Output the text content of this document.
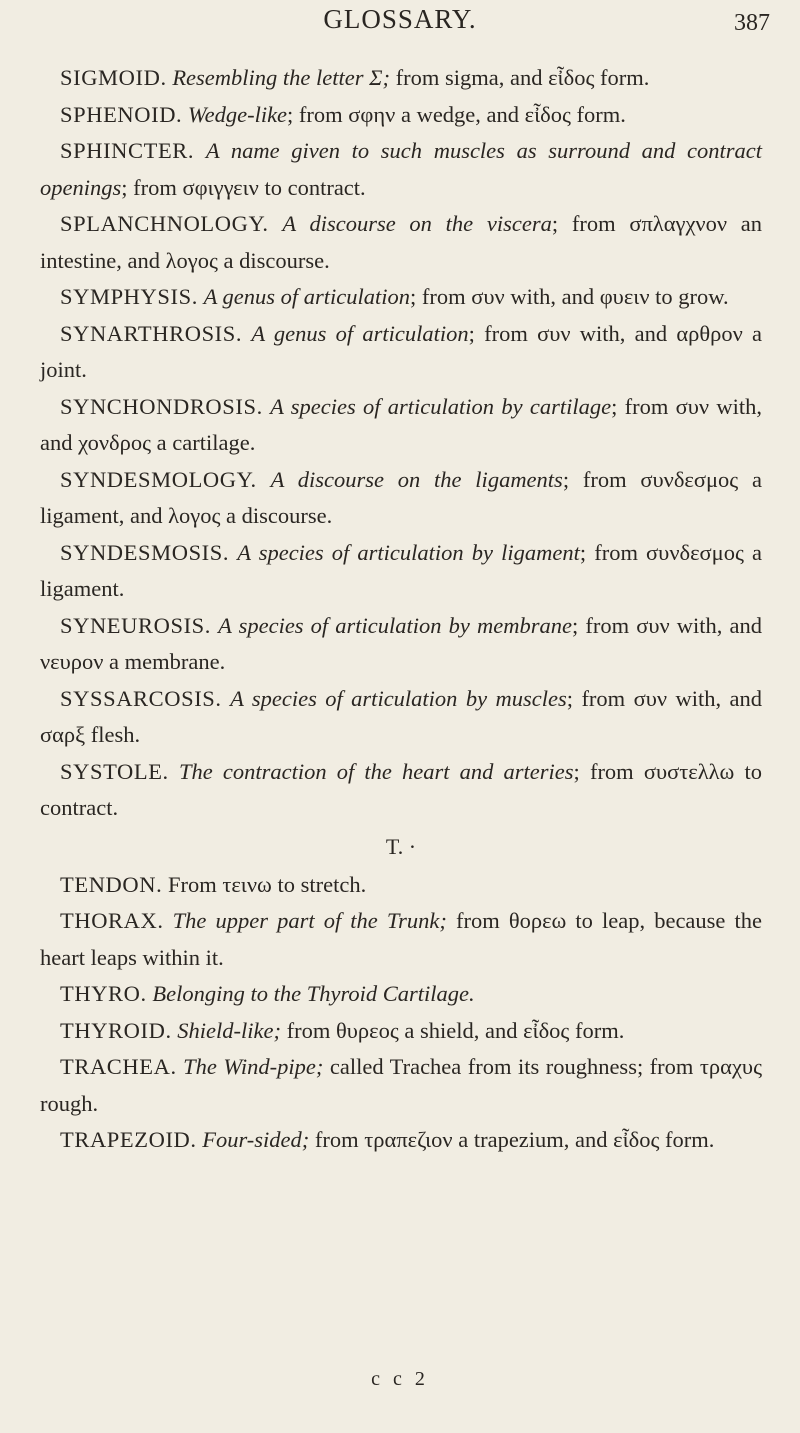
GLOSSARY.	387

SIGMOID. Resembling the letter Σ; from sigma, and εἶδος form.

SPHENOID. Wedge-like; from σφην a wedge, and εἶδος form.

SPHINCTER. A name given to such muscles as surround and contract openings; from σφιγγειν to contract.

SPLANCHNOLOGY. A discourse on the viscera; from σπλαγχνον an intestine, and λογος a discourse.

SYMPHYSIS. A genus of articulation; from συν with, and φυειν to grow.

SYNARTHROSIS. A genus of articulation; from συν with, and αρθρον a joint.

SYNCHONDROSIS. A species of articulation by cartilage; from συν with, and χονδρος a cartilage.

SYNDESMOLOGY. A discourse on the ligaments; from συνδεσμος a ligament, and λογος a discourse.

SYNDESMOSIS. A species of articulation by ligament; from συνδεσμος a ligament.

SYNEUROSIS. A species of articulation by membrane; from συν with, and νευρον a membrane.

SYSSARCOSIS. A species of articulation by muscles; from συν with, and σαρξ flesh.

SYSTOLE. The contraction of the heart and arteries; from συστελλω to contract.

T. ·

TENDON. From τεινω to stretch.

THORAX. The upper part of the Trunk; from θορεω to leap, because the heart leaps within it.

THYRO. Belonging to the Thyroid Cartilage.

THYROID. Shield-like; from θυρεος a shield, and εἶδος form.

TRACHEA. The Wind-pipe; called Trachea from its roughness; from τραχυς rough.

TRAPEZOID. Four-sided; from τραπεζιον a trapezium, and εἶδος form.

c c 2
